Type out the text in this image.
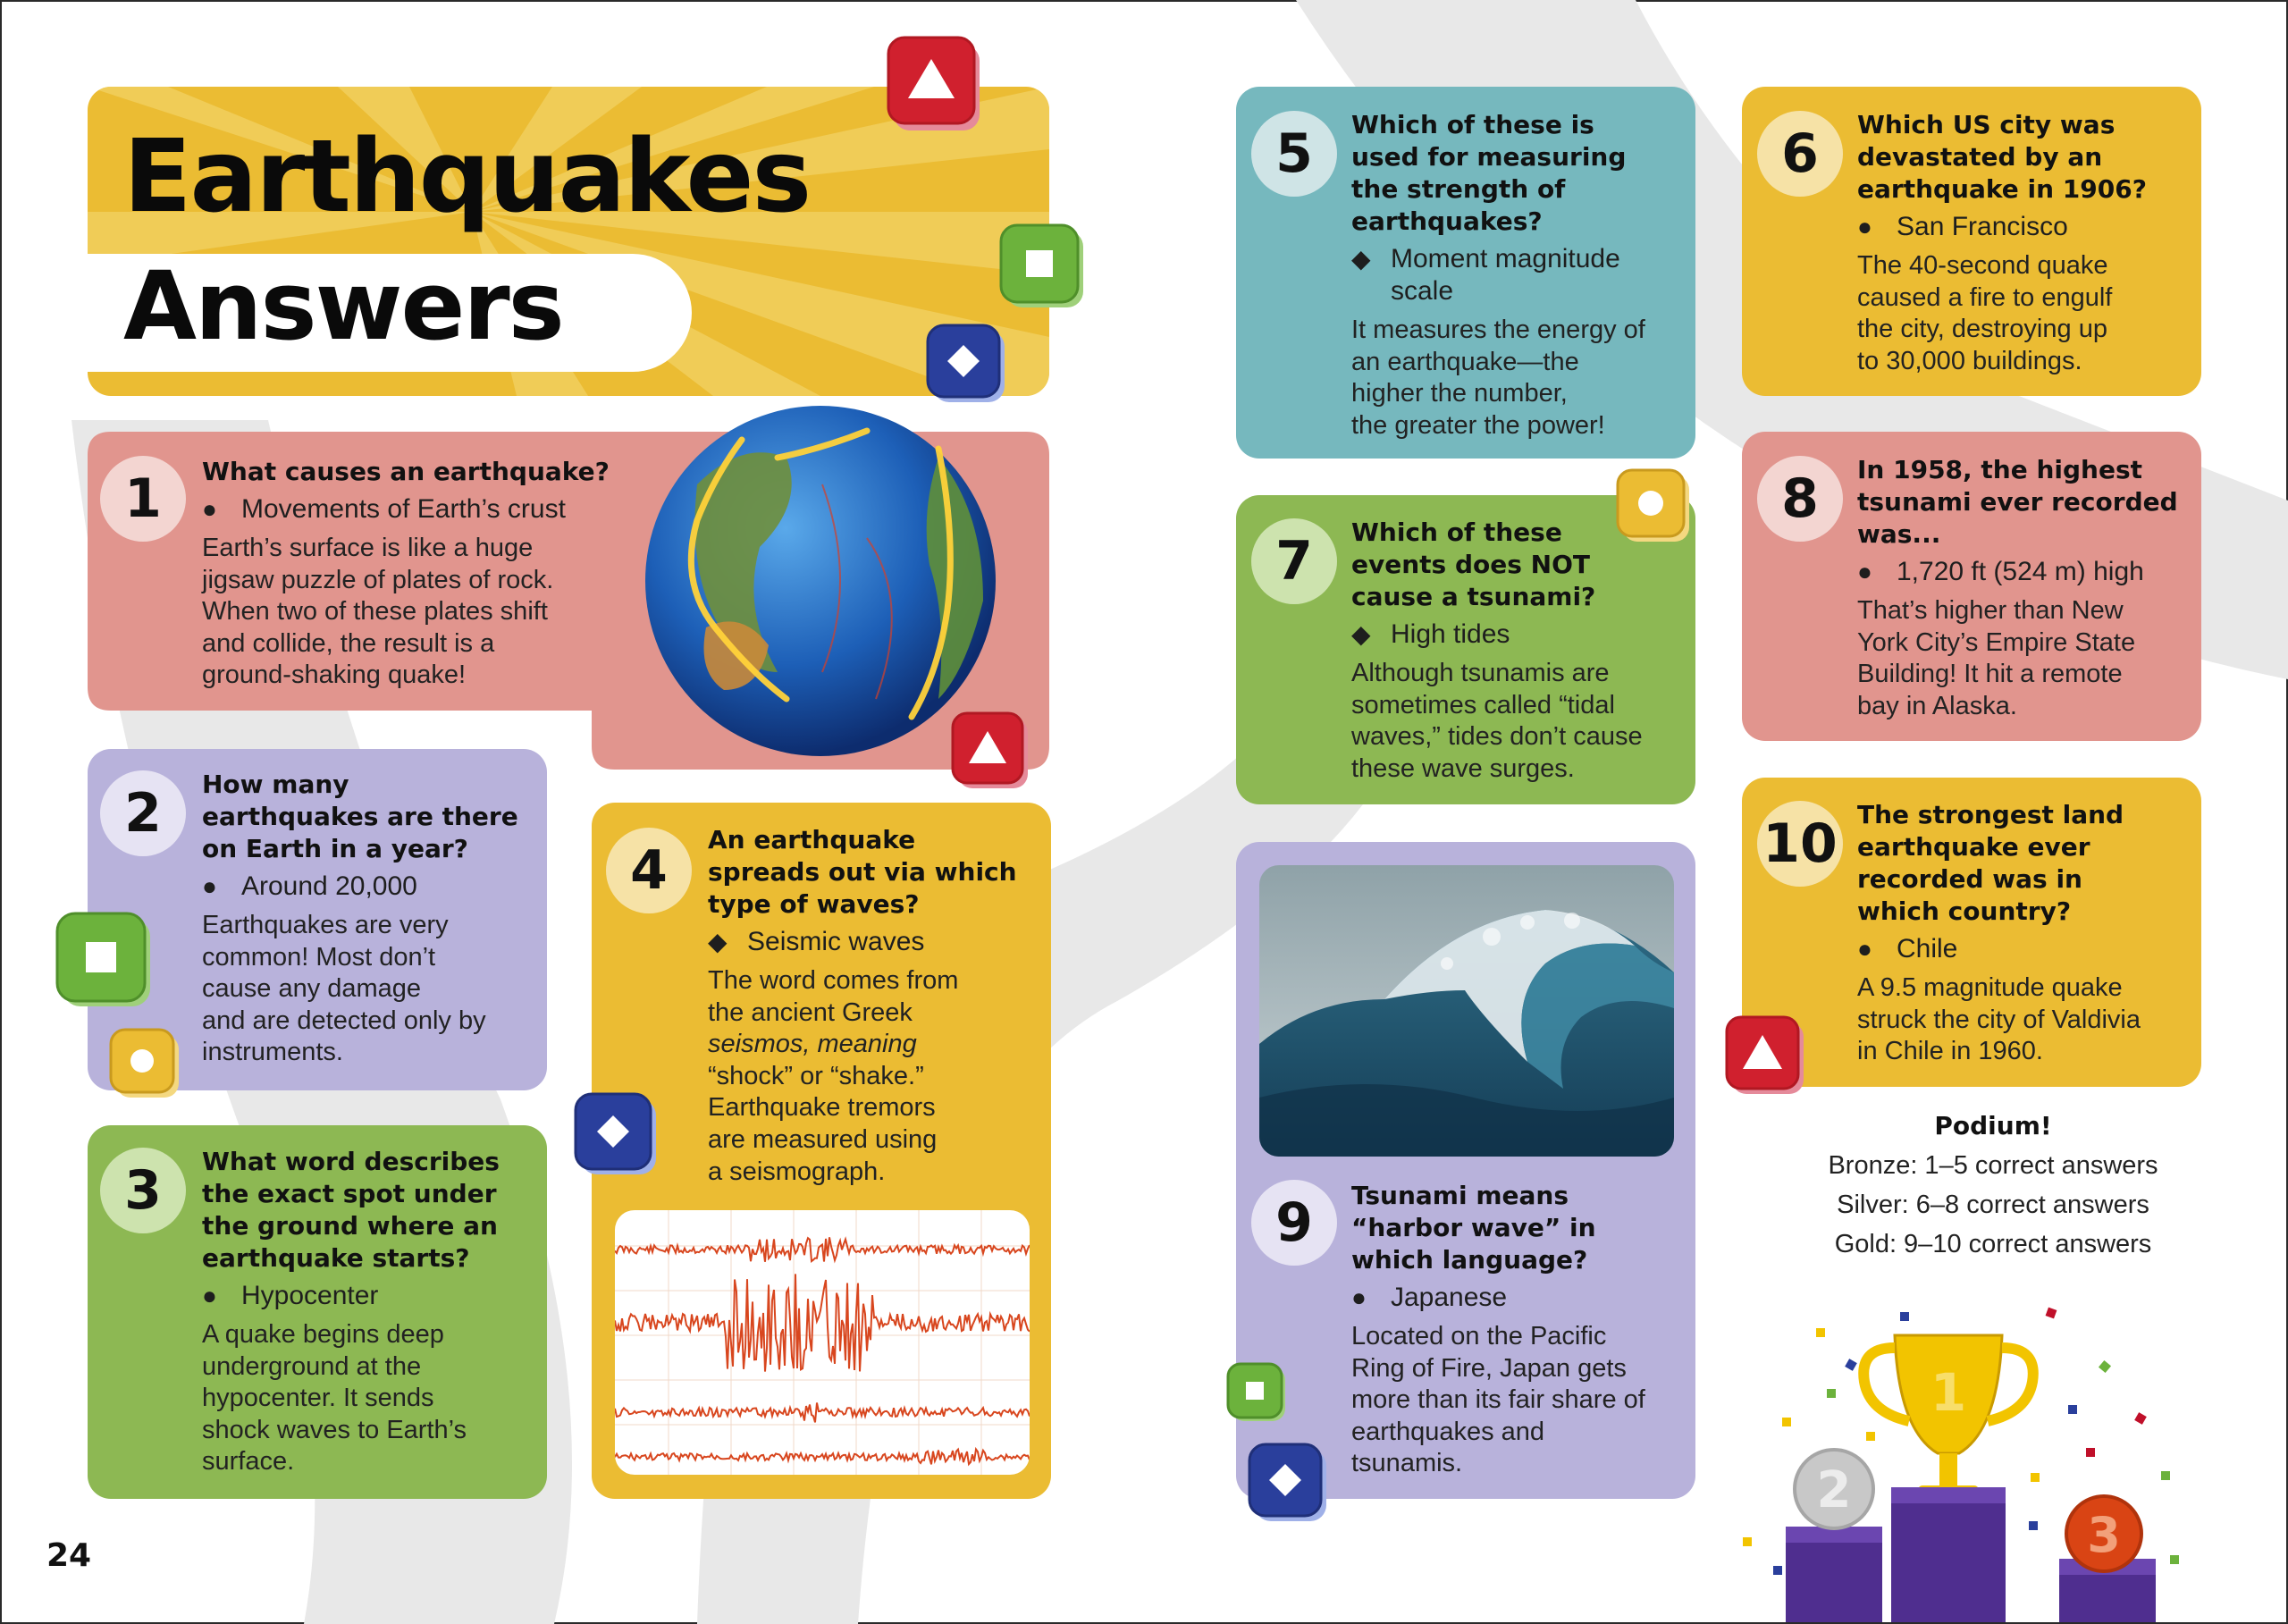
Earthquakes
Answers
1	What causes an earthquake?
● Movements of Earth’s crust
Earth’s surface is like a huge
jigsaw puzzle of plates of rock.
When two of these plates shift
and collide, the result is a
ground-shaking quake!
2	How many
earthquakes are there
on Earth in a year?
● Around 20,000
Earthquakes are very
common! Most don’t
cause any damage
and are detected only by
instruments.
3	What word describes
the exact spot under
the ground where an
earthquake starts?
● Hypocenter
A quake begins deep
underground at the
hypocenter. It sends
shock waves to Earth’s
surface.
4	An earthquake
spreads out via which
type of waves?
◆ Seismic waves
The word comes from
the ancient Greek
seismos, meaning
“shock” or “shake.”
Earthquake tremors
are measured using
a seismograph.
5	Which of these is
used for measuring
the strength of
earthquakes?
◆ Moment magnitude
scale
It measures the energy of
an earthquake—the
higher the number,
the greater the power!
6	Which US city was
devastated by an
earthquake in 1906?
● San Francisco
The 40-second quake
caused a fire to engulf
the city, destroying up
to 30,000 buildings.
7	Which of these
events does NOT
cause a tsunami?
◆ High tides
Although tsunamis are
sometimes called “tidal
waves,” tides don’t cause
these wave surges.
8	In 1958, the highest
tsunami ever recorded
was...
● 1,720 ft (524 m) high
That’s higher than New
York City’s Empire State
Building! It hit a remote
bay in Alaska.
9	Tsunami means
“harbor wave” in
which language?
● Japanese
Located on the Pacific
Ring of Fire, Japan gets
more than its fair share of
earthquakes and
tsunamis.
10 The strongest land
earthquake ever
recorded was in
which country?
● Chile
A 9.5 magnitude quake
struck the city of Valdivia
in Chile in 1960.
Podium!
Bronze: 1–5 correct answers
Silver: 6–8 correct answers
Gold: 9–10 correct answers
1
2
3
24
